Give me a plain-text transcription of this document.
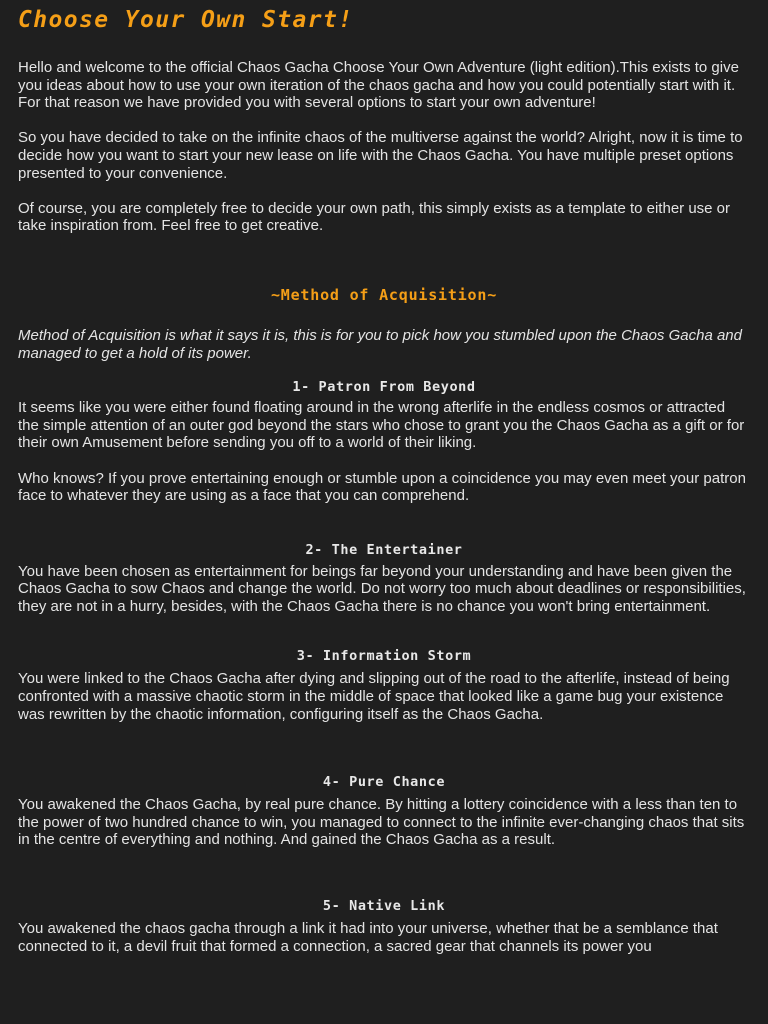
Choose Your Own Start!

Hello and welcome to the official Chaos Gacha Choose Your Own Adventure (light edition).This exists to give you ideas about how to use your own iteration of the chaos gacha and how you could potentially start with it. For that reason we have provided you with several options to start your own adventure!

So you have decided to take on the infinite chaos of the multiverse against the world? Alright, now it is time to decide how you want to start your new lease on life with the Chaos Gacha. You have multiple preset options presented to your convenience.

Of course, you are completely free to decide your own path, this simply exists as a template to either use or take inspiration from. Feel free to get creative.

~Method of Acquisition~

Method of Acquisition is what it says it is, this is for you to pick how you stumbled upon the Chaos Gacha and managed to get a hold of its power.

1- Patron From Beyond

It seems like you were either found floating around in the wrong afterlife in the endless cosmos or attracted the simple attention of an outer god beyond the stars who chose to grant you the Chaos Gacha as a gift or for their own Amusement before sending you off to a world of their liking.

Who knows? If you prove entertaining enough or stumble upon a coincidence you may even meet your patron face to whatever they are using as a face that you can comprehend.

2- The Entertainer

You have been chosen as entertainment for beings far beyond your understanding and have been given the Chaos Gacha to sow Chaos and change the world. Do not worry too much about deadlines or responsibilities, they are not in a hurry, besides, with the Chaos Gacha there is no chance you won't bring entertainment.

3- Information Storm

You were linked to the Chaos Gacha after dying and slipping out of the road to the afterlife, instead of being confronted with a massive chaotic storm in the middle of space that looked like a game bug your existence was rewritten by the chaotic information, configuring itself as the Chaos Gacha.

4- Pure Chance

You awakened the Chaos Gacha, by real pure chance. By hitting a lottery coincidence with a less than ten to the power of two hundred chance to win, you managed to connect to the infinite ever-changing chaos that sits in the centre of everything and nothing. And gained the Chaos Gacha as a result.

5- Native Link

You awakened the chaos gacha through a link it had into your universe, whether that be a semblance that connected to it, a devil fruit that formed a connection, a sacred gear that channels its power you
